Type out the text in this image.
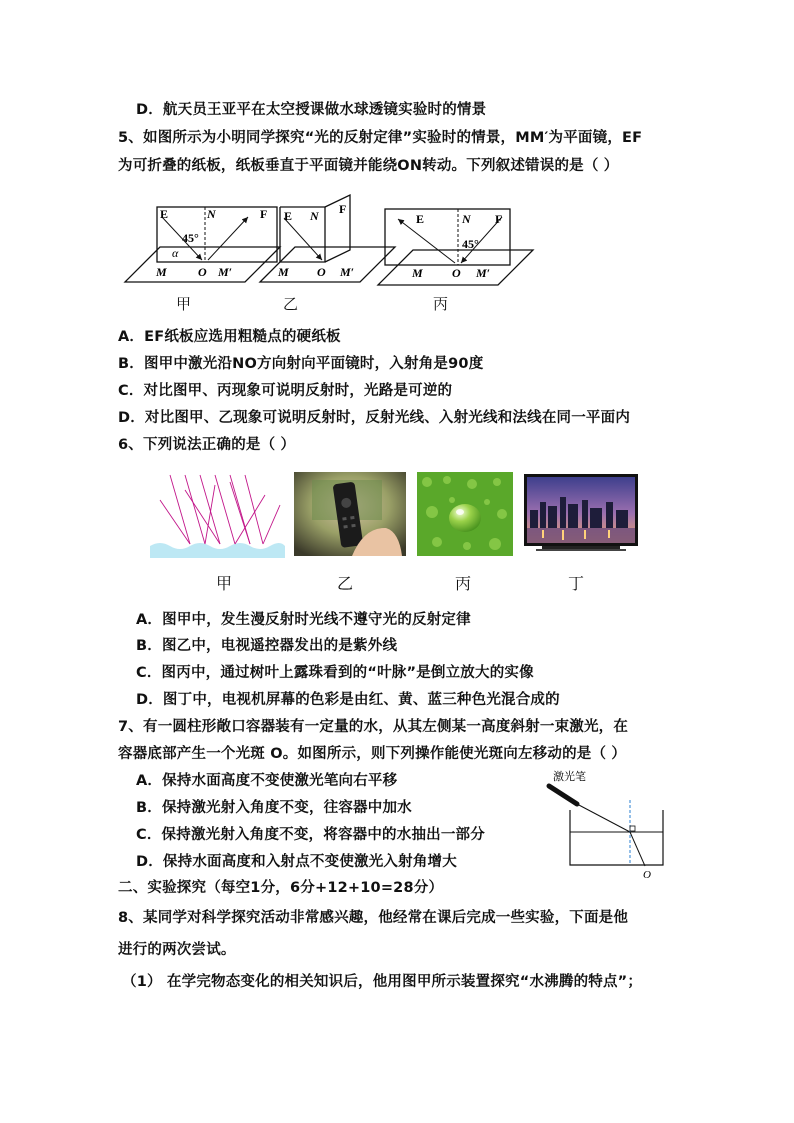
D．航天员王亚平在太空授课做水球透镜实验时的情景
5、如图所示为小明同学探究“光的反射定律”实验时的情景，MM′为平面镜，EF
为可折叠的纸板，纸板垂直于平面镜并能绕ON转动。下列叙述错误的是（ ）
E	N	F
45°
α
M	O M′
E N F
M O M′
E	N F
45°
M O M′
甲	乙	丙
A．EF纸板应选用粗糙点的硬纸板
B．图甲中激光沿NO方向射向平面镜时，入射角是90度
C．对比图甲、丙现象可说明反射时，光路是可逆的
D．对比图甲、乙现象可说明反射时，反射光线、入射光线和法线在同一平面内
6、下列说法正确的是（ ）
甲	乙	丙	丁
A．图甲中，发生漫反射时光线不遵守光的反射定律
B．图乙中，电视遥控器发出的是紫外线
C．图丙中，通过树叶上露珠看到的“叶脉”是倒立放大的实像
D．图丁中，电视机屏幕的色彩是由红、黄、蓝三种色光混合成的
7、有一圆柱形敞口容器装有一定量的水，从其左侧某一高度斜射一束激光，在
容器底部产生一个光斑 O。如图所示，则下列操作能使光斑向左移动的是（ ）
A．保持水面高度不变使激光笔向右平移
B．保持激光射入角度不变，往容器中加水
C．保持激光射入角度不变，将容器中的水抽出一部分
D．保持水面高度和入射点不变使激光入射角增大
激光笔
O
二、实验探究（每空1分，6分+12+10=28分）
8、某同学对科学探究活动非常感兴趣，他经常在课后完成一些实验，下面是他
进行的两次尝试。
（1） 在学完物态变化的相关知识后，他用图甲所示装置探究“水沸腾的特点”；
